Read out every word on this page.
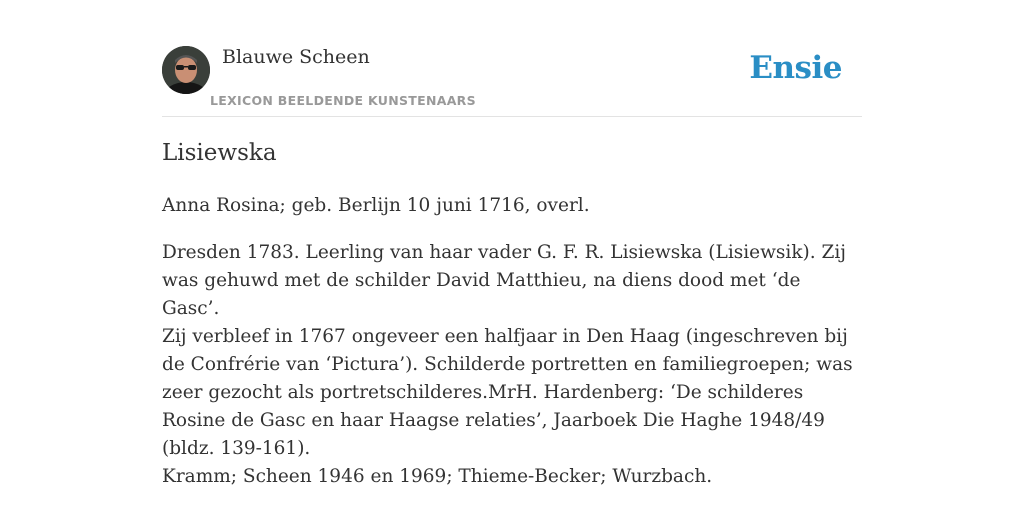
Blauwe Scheen
LEXICON BEELDENDE KUNSTENAARS
Ensie
Lisiewska
Anna Rosina; geb. Berlijn 10 juni 1716, overl.
Dresden 1783. Leerling van haar vader G. F. R. Lisiewska (Lisiewsik). Zij was gehuwd met de schilder David Matthieu, na diens dood met ‘de Gasc’.
Zij verbleef in 1767 ongeveer een halfjaar in Den Haag (ingeschreven bij de Confrérie van ‘Pictura’). Schilderde portretten en familiegroepen; was zeer gezocht als portretschilderes.MrH. Hardenberg: ‘De schilderes Rosine de Gasc en haar Haagse relaties’, Jaarboek Die Haghe 1948/49 (bldz. 139-161).
Kramm; Scheen 1946 en 1969; Thieme-Becker; Wurzbach.
